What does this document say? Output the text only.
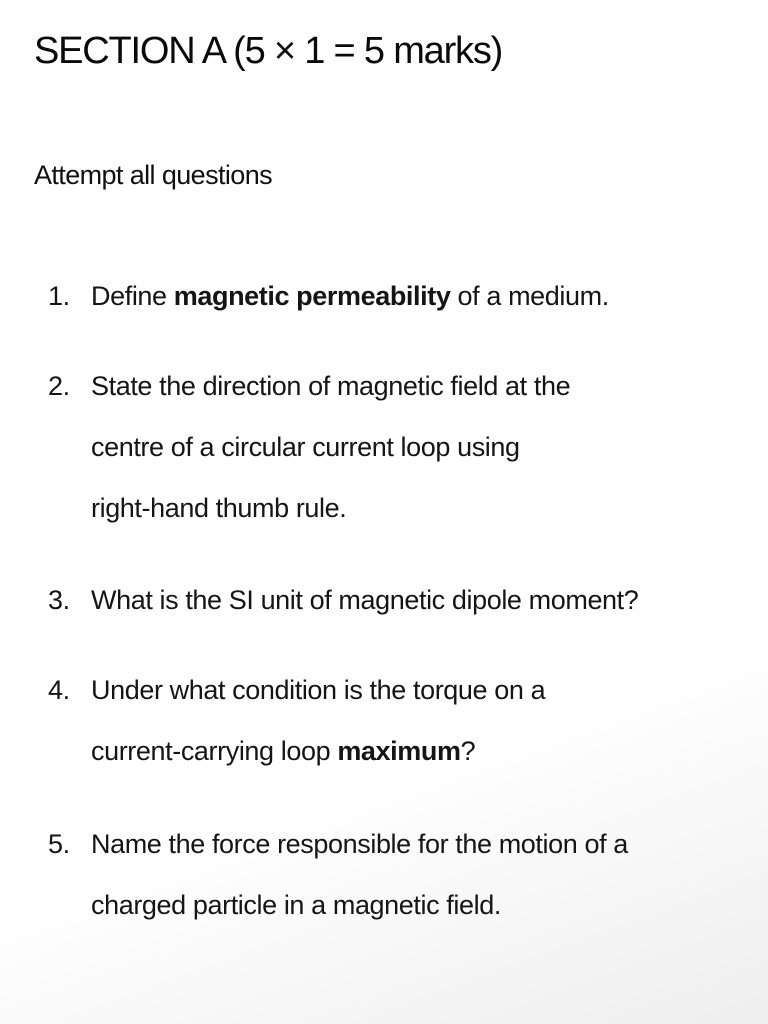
SECTION A (5 × 1 = 5 marks)

Attempt all questions

1. Define magnetic permeability of a medium.
2. State the direction of magnetic field at the
centre of a circular current loop using
right-hand thumb rule.
3. What is the SI unit of magnetic dipole moment?
4. Under what condition is the torque on a
current-carrying loop maximum?
5. Name the force responsible for the motion of a
charged particle in a magnetic field.
